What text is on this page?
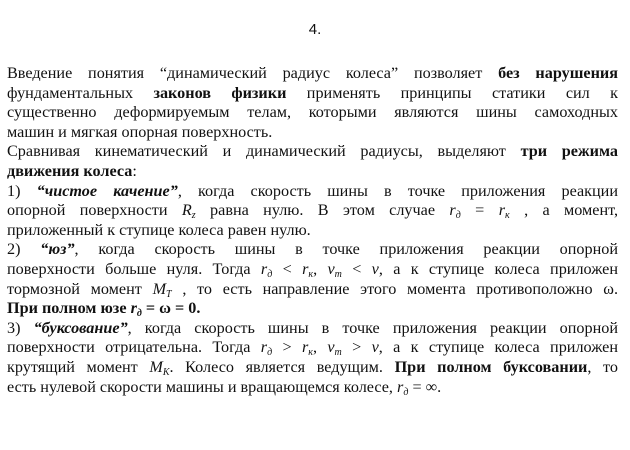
4.
Введение понятия “динамический радиус колеса” позволяет без нарушения
фундаментальных законов физики применять принципы статики сил к
существенно деформируемым телам, которыми являются шины самоходных
машин и мягкая опорная поверхность.
Сравнивая кинематический и динамический радиусы, выделяют три режима
движения колеса:
1) “чистое качение”, когда скорость шины в точке приложения реакции
опорной поверхности $R_z$ равна нулю. В этом случае $r_д = r_к$ , а момент,
приложенный к ступице колеса равен нулю.
2) “юз”, когда скорость шины в точке приложения реакции опорной
поверхности больше нуля. Тогда $r_д < r_к$, $v_т < v$, а к ступице колеса приложен
тормозной момент $M_T$ , то есть направление этого момента противоположно ω.
При полном юзе $r_д = \omega = 0$.
3) “буксование”, когда скорость шины в точке приложения реакции опорной
поверхности отрицательна. Тогда $r_д > r_к$, $v_т > v$, а к ступице колеса приложен
крутящий момент $M_К$. Колесо является ведущим. При полном буксовании, то
есть нулевой скорости машины и вращающемся колесе, $r_д$ = ∞.
